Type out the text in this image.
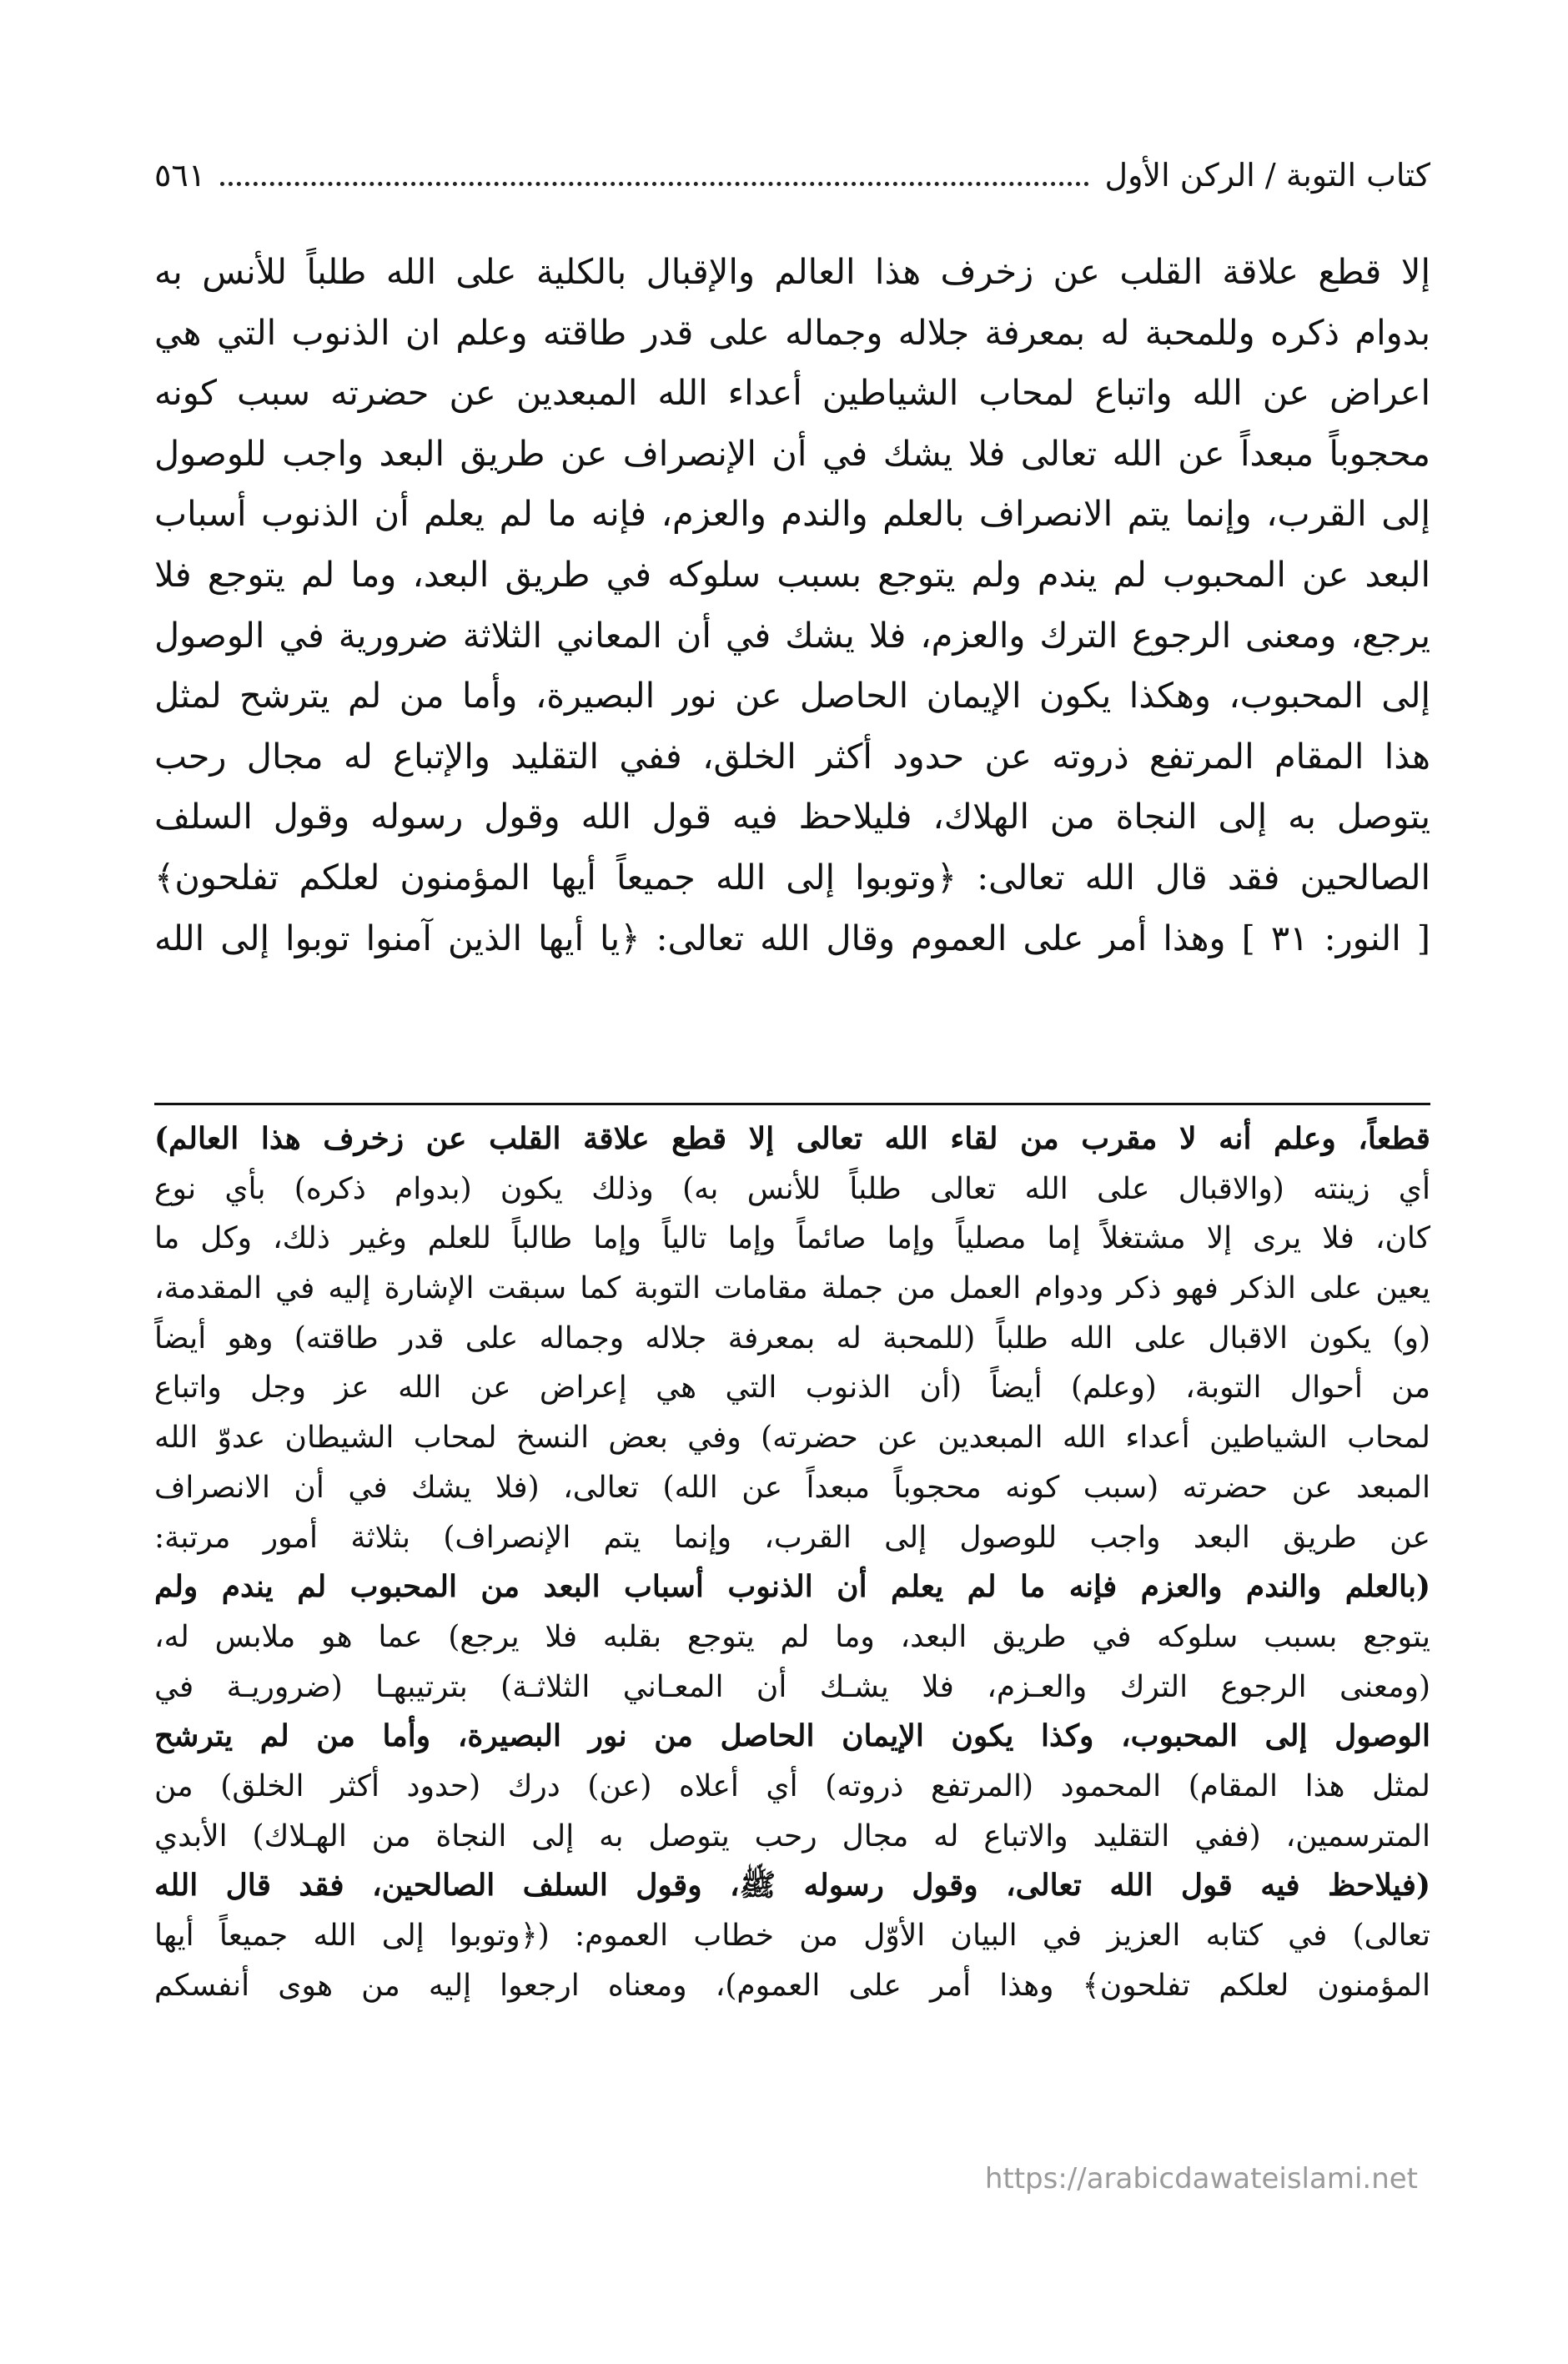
كتاب التوبة / الركن الأول
٥٦١
إلا قطع علاقة القلب عن زخرف هذا العالم والإقبال بالكلية على الله طلباً للأنس به
بدوام ذكره وللمحبة له بمعرفة جلاله وجماله على قدر طاقته وعلم ان الذنوب التي هي
اعراض عن الله واتباع لمحاب الشياطين أعداء الله المبعدين عن حضرته سبب كونه
محجوباً مبعداً عن الله تعالى فلا يشك في أن الإنصراف عن طريق البعد واجب للوصول
إلى القرب، وإنما يتم الانصراف بالعلم والندم والعزم، فإنه ما لم يعلم أن الذنوب أسباب
البعد عن المحبوب لم يندم ولم يتوجع بسبب سلوكه في طريق البعد، وما لم يتوجع فلا
يرجع، ومعنى الرجوع الترك والعزم، فلا يشك في أن المعاني الثلاثة ضرورية في الوصول
إلى المحبوب، وهكذا يكون الإيمان الحاصل عن نور البصيرة، وأما من لم يترشح لمثل
هذا المقام المرتفع ذروته عن حدود أكثر الخلق، ففي التقليد والإتباع له مجال رحب
يتوصل به إلى النجاة من الهلاك، فليلاحظ فيه قول الله وقول رسوله وقول السلف
الصالحين فقد قال الله تعالى: ﴿وتوبوا إلى الله جميعاً أيها المؤمنون لعلكم تفلحون﴾
[ النور: ٣١ ] وهذا أمر على العموم وقال الله تعالى: ﴿يا أيها الذين آمنوا توبوا إلى الله
قطعاً، وعلم أنه لا مقرب من لقاء الله تعالى إلا قطع علاقة القلب عن زخرف هذا العالم)
أي زينته (والاقبال على الله تعالى طلباً للأنس به) وذلك يكون (بدوام ذكره) بأي نوع
كان، فلا يرى إلا مشتغلاً إما مصلياً وإما صائماً وإما تالياً وإما طالباً للعلم وغير ذلك، وكل ما
يعين على الذكر فهو ذكر ودوام العمل من جملة مقامات التوبة كما سبقت الإشارة إليه في المقدمة،
(و) يكون الاقبال على الله طلباً (للمحبة له بمعرفة جلاله وجماله على قدر طاقته) وهو أيضاً
من أحوال التوبة، (وعلم) أيضاً (أن الذنوب التي هي إعراض عن الله عز وجل واتباع
لمحاب الشياطين أعداء الله المبعدين عن حضرته) وفي بعض النسخ لمحاب الشيطان عدوّ الله
المبعد عن حضرته (سبب كونه محجوباً مبعداً عن الله) تعالى، (فلا يشك في أن الانصراف
عن طريق البعد واجب للوصول إلى القرب، وإنما يتم الإنصراف) بثلاثة أمور مرتبة:
(بالعلم والندم والعزم فإنه ما لم يعلم أن الذنوب أسباب البعد من المحبوب لم يندم ولم
يتوجع بسبب سلوكه في طريق البعد، وما لم يتوجع بقلبه فلا يرجع) عما هو ملابس له،
(ومعنى الرجوع الترك والعـزم، فلا يشـك أن المعـاني الثلاثـة) بترتيبهـا (ضروريـة في
الوصول إلى المحبوب، وكذا يكون الإيمان الحاصل من نور البصيرة، وأما من لم يترشح
لمثل هذا المقام) المحمود (المرتفع ذروته) أي أعلاه (عن) درك (حدود أكثر الخلق) من
المترسمين، (ففي التقليد والاتباع له مجال رحب يتوصل به إلى النجاة من الهـلاك) الأبدي
(فيلاحظ فيه قول الله تعالى، وقول رسوله ﷺ، وقول السلف الصالحين، فقد قال الله
تعالى) في كتابه العزيز في البيان الأوّل من خطاب العموم: (﴿وتوبوا إلى الله جميعاً أيها
المؤمنون لعلكم تفلحون﴾ وهذا أمر على العموم)، ومعناه ارجعوا إليه من هوى أنفسكم
https://arabicdawateislami.net
